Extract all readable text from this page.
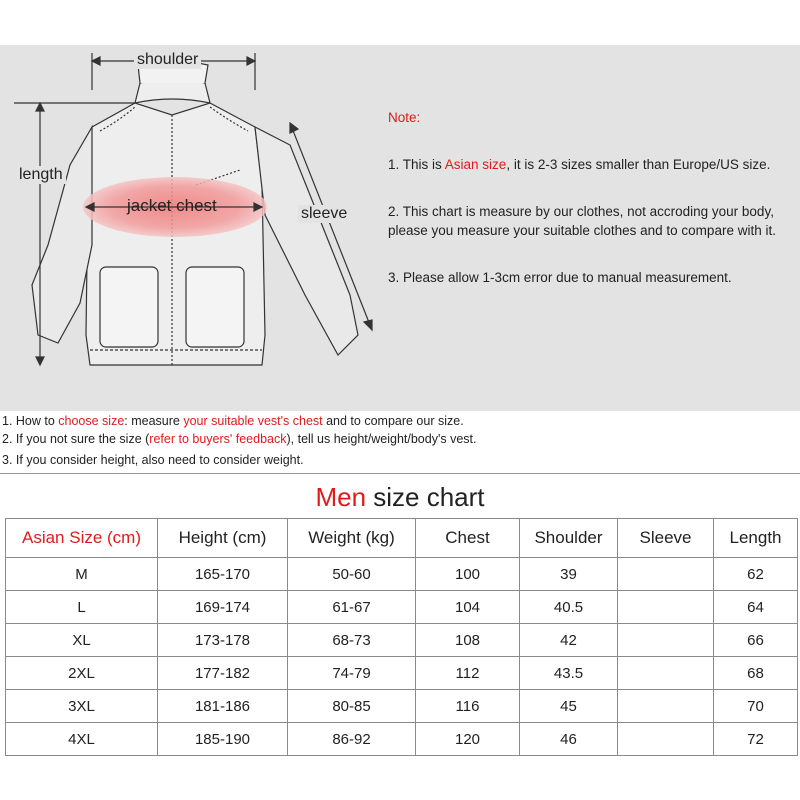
shoulder
length
jacket chest	sleeve

Note:

1. This is Asian size, it is 2-3 sizes smaller than Europe/US size.

2. This chart is measure by our clothes, not accroding your body,
please you measure your suitable clothes and to compare with it.

3. Please allow 1-3cm error due to manual measurement.

1. How to choose size: measure your suitable vest's chest and to compare our size.
2. If you not sure the size (refer to buyers' feedback), tell us height/weight/body's vest.
3. If you consider height, also need to consider weight.
Men size chart
Asian Size (cm)	Height (cm)	Weight (kg)	Chest	Shoulder	Sleeve	Length
M	165-170	50-60	100	39		62
L	169-174	61-67	104	40.5		64
XL	173-178	68-73	108	42		66
2XL	177-182	74-79	112	43.5		68
3XL	181-186	80-85	116	45		70
4XL	185-190	86-92	120	46		72
